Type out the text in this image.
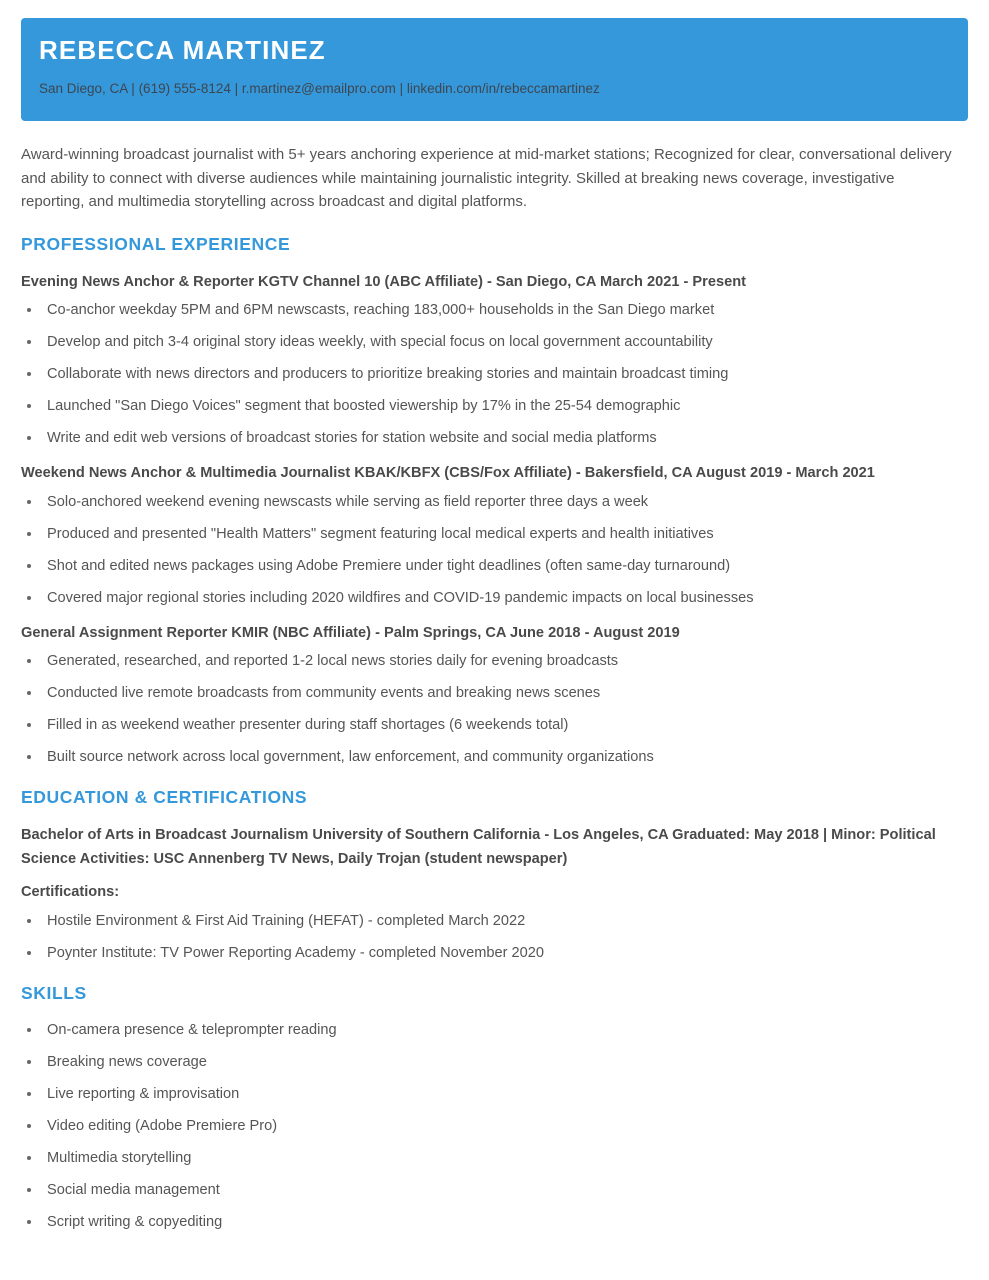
REBECCA MARTINEZ
San Diego, CA | (619) 555-8124 | r.martinez@emailpro.com | linkedin.com/in/rebeccamartinez

Award-winning broadcast journalist with 5+ years anchoring experience at mid-market stations; Recognized for clear, conversational delivery and ability to connect with diverse audiences while maintaining journalistic integrity. Skilled at breaking news coverage, investigative reporting, and multimedia storytelling across broadcast and digital platforms.

PROFESSIONAL EXPERIENCE
Evening News Anchor & Reporter KGTV Channel 10 (ABC Affiliate) - San Diego, CA March 2021 - Present
Co-anchor weekday 5PM and 6PM newscasts, reaching 183,000+ households in the San Diego market
Develop and pitch 3-4 original story ideas weekly, with special focus on local government accountability
Collaborate with news directors and producers to prioritize breaking stories and maintain broadcast timing
Launched "San Diego Voices" segment that boosted viewership by 17% in the 25-54 demographic
Write and edit web versions of broadcast stories for station website and social media platforms
Weekend News Anchor & Multimedia Journalist KBAK/KBFX (CBS/Fox Affiliate) - Bakersfield, CA August 2019 - March 2021
Solo-anchored weekend evening newscasts while serving as field reporter three days a week
Produced and presented "Health Matters" segment featuring local medical experts and health initiatives
Shot and edited news packages using Adobe Premiere under tight deadlines (often same-day turnaround)
Covered major regional stories including 2020 wildfires and COVID-19 pandemic impacts on local businesses
General Assignment Reporter KMIR (NBC Affiliate) - Palm Springs, CA June 2018 - August 2019
Generated, researched, and reported 1-2 local news stories daily for evening broadcasts
Conducted live remote broadcasts from community events and breaking news scenes
Filled in as weekend weather presenter during staff shortages (6 weekends total)
Built source network across local government, law enforcement, and community organizations
EDUCATION & CERTIFICATIONS
Bachelor of Arts in Broadcast Journalism University of Southern California - Los Angeles, CA Graduated: May 2018 | Minor: Political Science Activities: USC Annenberg TV News, Daily Trojan (student newspaper)
Certifications:
Hostile Environment & First Aid Training (HEFAT) - completed March 2022
Poynter Institute: TV Power Reporting Academy - completed November 2020
SKILLS
On-camera presence & teleprompter reading
Breaking news coverage
Live reporting & improvisation
Video editing (Adobe Premiere Pro)
Multimedia storytelling
Social media management
Script writing & copyediting
